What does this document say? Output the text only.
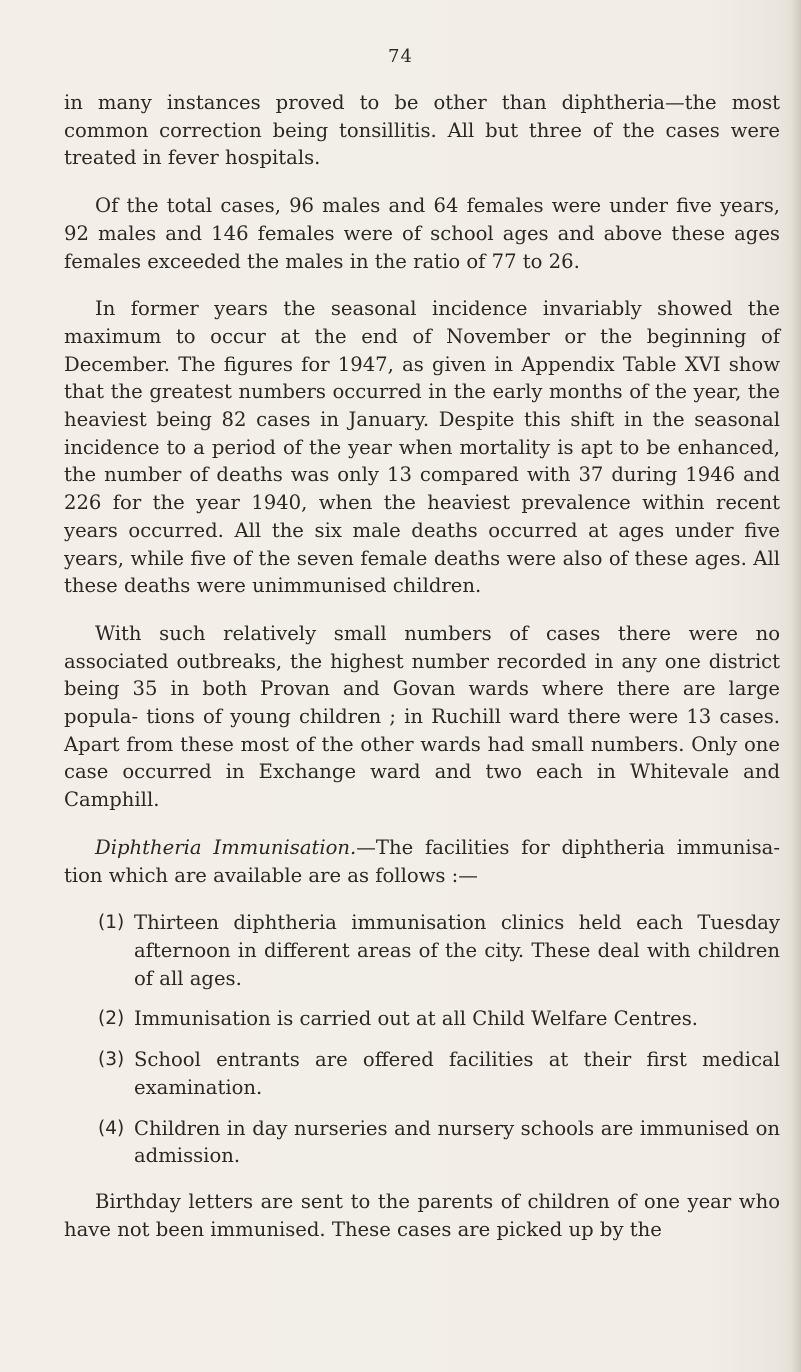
74

in many instances proved to be other than diphtheria—the most common correction being tonsillitis. All but three of the cases were treated in fever hospitals.

Of the total cases, 96 males and 64 females were under five years, 92 males and 146 females were of school ages and above these ages females exceeded the males in the ratio of 77 to 26.

In former years the seasonal incidence invariably showed the maximum to occur at the end of November or the beginning of December. The figures for 1947, as given in Appendix Table XVI show that the greatest numbers occurred in the early months of the year, the heaviest being 82 cases in January. Despite this shift in the seasonal incidence to a period of the year when mortality is apt to be enhanced, the number of deaths was only 13 compared with 37 during 1946 and 226 for the year 1940, when the heaviest prevalence within recent years occurred. All the six male deaths occurred at ages under five years, while five of the seven female deaths were also of these ages. All these deaths were unimmunised children.

With such relatively small numbers of cases there were no associated outbreaks, the highest number recorded in any one district being 35 in both Provan and Govan wards where there are large popula- tions of young children ; in Ruchill ward there were 13 cases. Apart from these most of the other wards had small numbers. Only one case occurred in Exchange ward and two each in Whitevale and Camphill.

Diphtheria Immunisation.—The facilities for diphtheria immunisa- tion which are available are as follows :—

(1) Thirteen diphtheria immunisation clinics held each Tuesday afternoon in different areas of the city. These deal with children of all ages.
(2) Immunisation is carried out at all Child Welfare Centres.
(3) School entrants are offered facilities at their first medical examination.
(4) Children in day nurseries and nursery schools are immunised on admission.

Birthday letters are sent to the parents of children of one year who have not been immunised. These cases are picked up by the
